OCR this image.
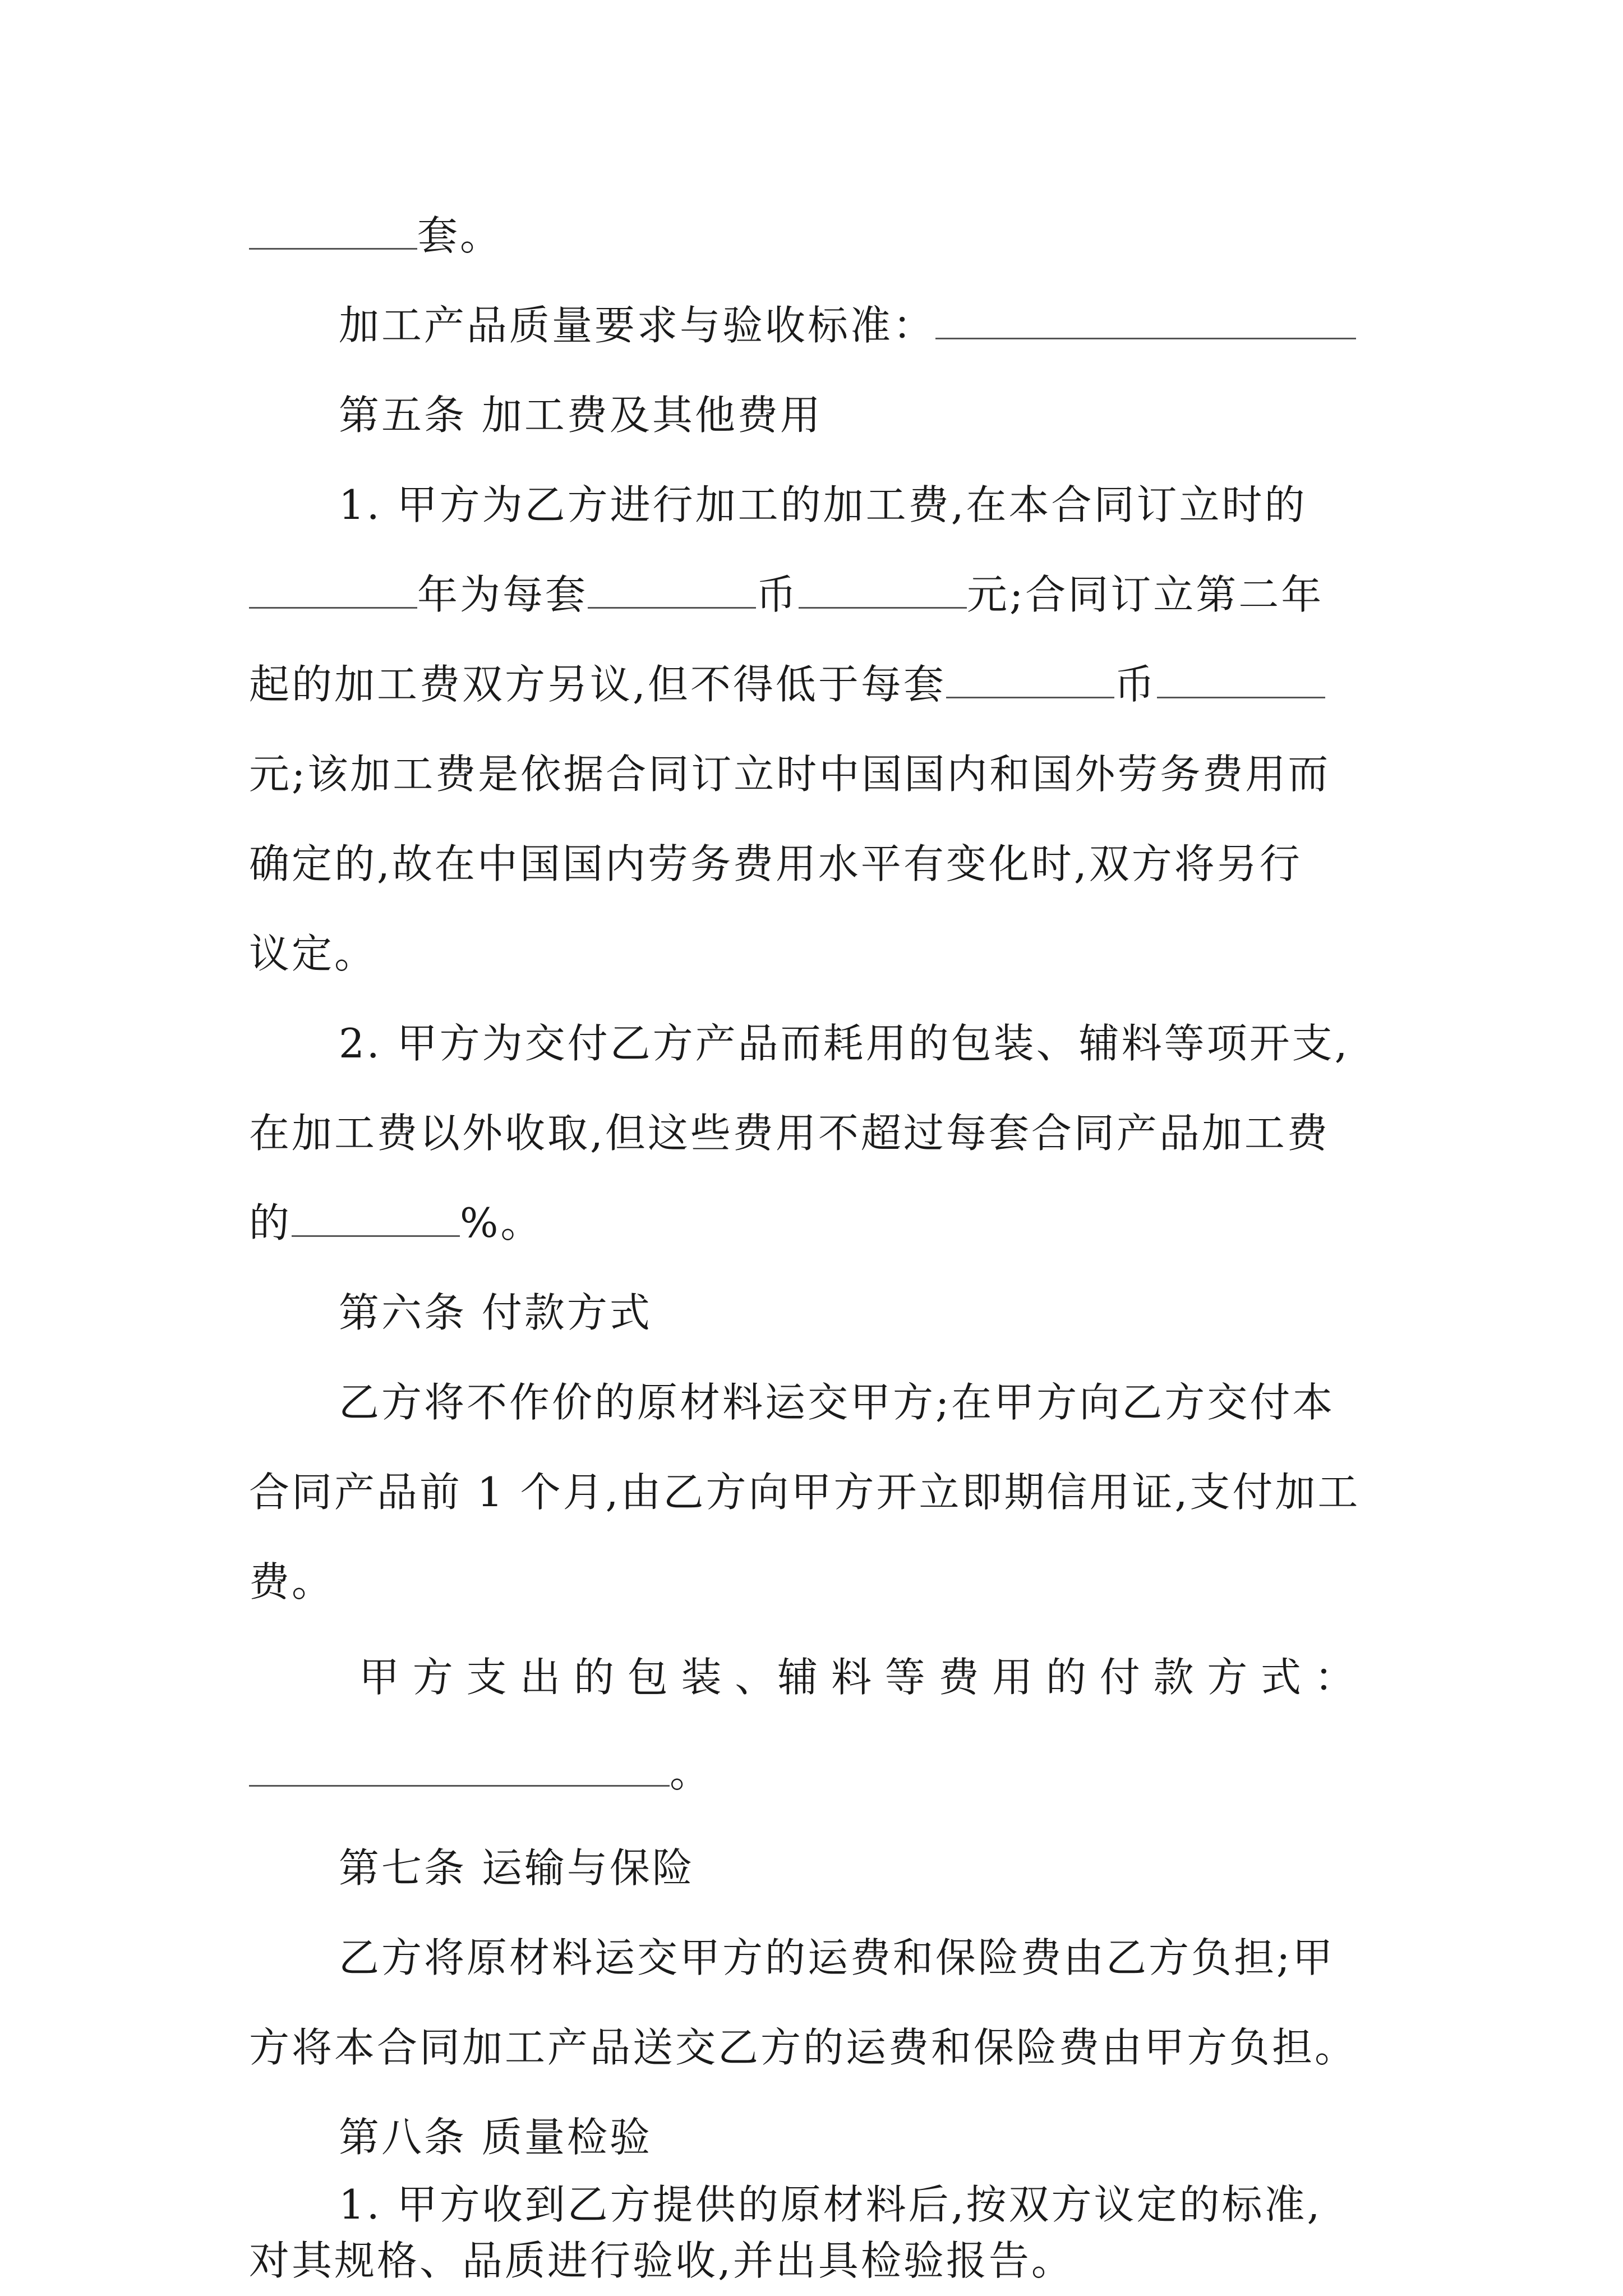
套。
加工产品质量要求与验收标准：
第五条 加工费及其他费用
1. 甲方为乙方进行加工的加工费,在本合同订立时的
年为每套	币	元;合同订立第二年
起的加工费双方另议,但不得低于每套	币
元;该加工费是依据合同订立时中国国内和国外劳务费用而
确定的,故在中国国内劳务费用水平有变化时,双方将另行
议定。
2. 甲方为交付乙方产品而耗用的包装、辅料等项开支,
在加工费以外收取,但这些费用不超过每套合同产品加工费
的	%。
第六条 付款方式
乙方将不作价的原材料运交甲方;在甲方向乙方交付本
合同产品前 1 个月,由乙方向甲方开立即期信用证,支付加工
费。
甲 方 支 出 的 包 装 、辅 料 等 费 用 的 付 款 方 式 ：
。
第七条 运输与保险
乙方将原材料运交甲方的运费和保险费由乙方负担;甲
方将本合同加工产品送交乙方的运费和保险费由甲方负担。
第八条 质量检验
1. 甲方收到乙方提供的原材料后,按双方议定的标准,
对其规格、品质进行验收,并出具检验报告。
